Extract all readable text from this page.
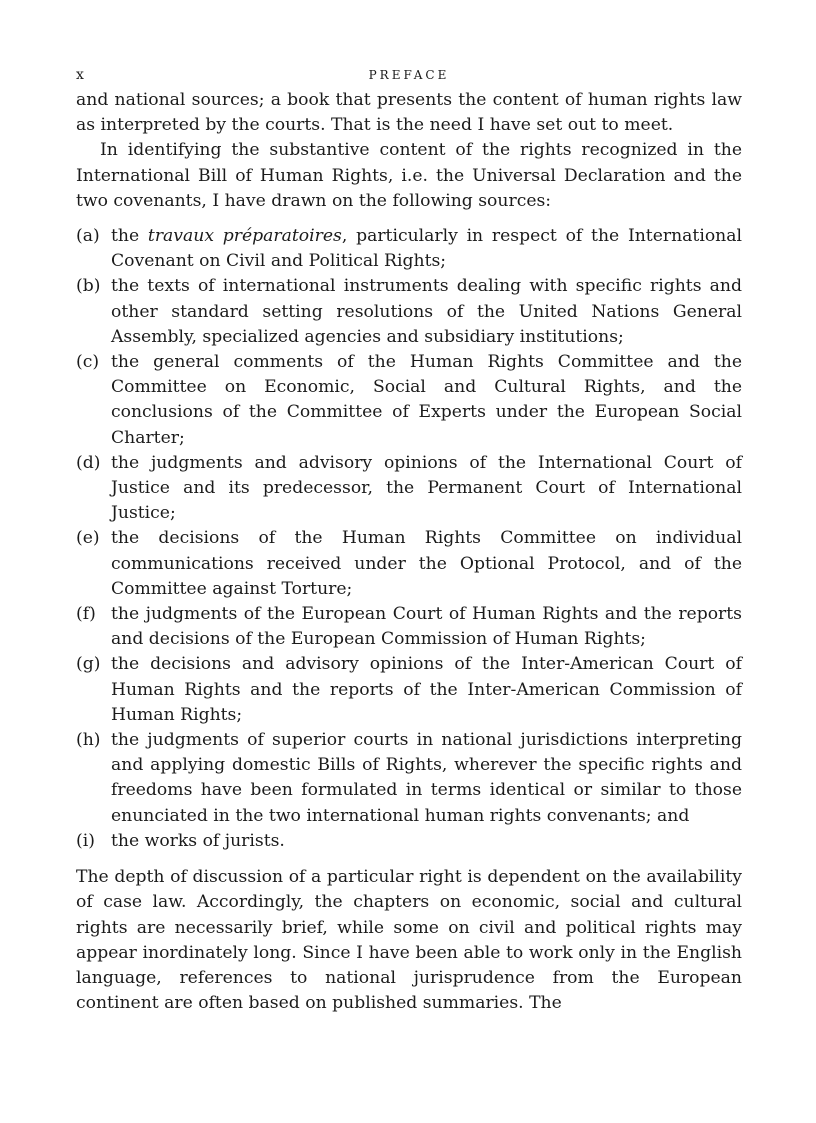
x	PREFACE

and national sources; a book that presents the content of human rights law as interpreted by the courts. That is the need I have set out to meet.

In identifying the substantive content of the rights recognized in the International Bill of Human Rights, i.e. the Universal Declaration and the two covenants, I have drawn on the following sources:

(a) the travaux préparatoires, particularly in respect of the International Covenant on Civil and Political Rights;
(b) the texts of international instruments dealing with specific rights and other standard setting resolutions of the United Nations General Assembly, specialized agencies and subsidiary institutions;
(c) the general comments of the Human Rights Committee and the Committee on Economic, Social and Cultural Rights, and the conclusions of the Committee of Experts under the European Social Charter;
(d) the judgments and advisory opinions of the International Court of Justice and its predecessor, the Permanent Court of International Justice;
(e) the decisions of the Human Rights Committee on individual communications received under the Optional Protocol, and of the Committee against Torture;
(f) the judgments of the European Court of Human Rights and the reports and decisions of the European Commission of Human Rights;
(g) the decisions and advisory opinions of the Inter-American Court of Human Rights and the reports of the Inter-American Commission of Human Rights;
(h) the judgments of superior courts in national jurisdictions interpreting and applying domestic Bills of Rights, wherever the specific rights and freedoms have been formulated in terms identical or similar to those enunciated in the two international human rights convenants; and
(i) the works of jurists.

The depth of discussion of a particular right is dependent on the availability of case law. Accordingly, the chapters on economic, social and cultural rights are necessarily brief, while some on civil and political rights may appear inordinately long. Since I have been able to work only in the English language, references to national jurisprudence from the European continent are often based on published summaries. The
